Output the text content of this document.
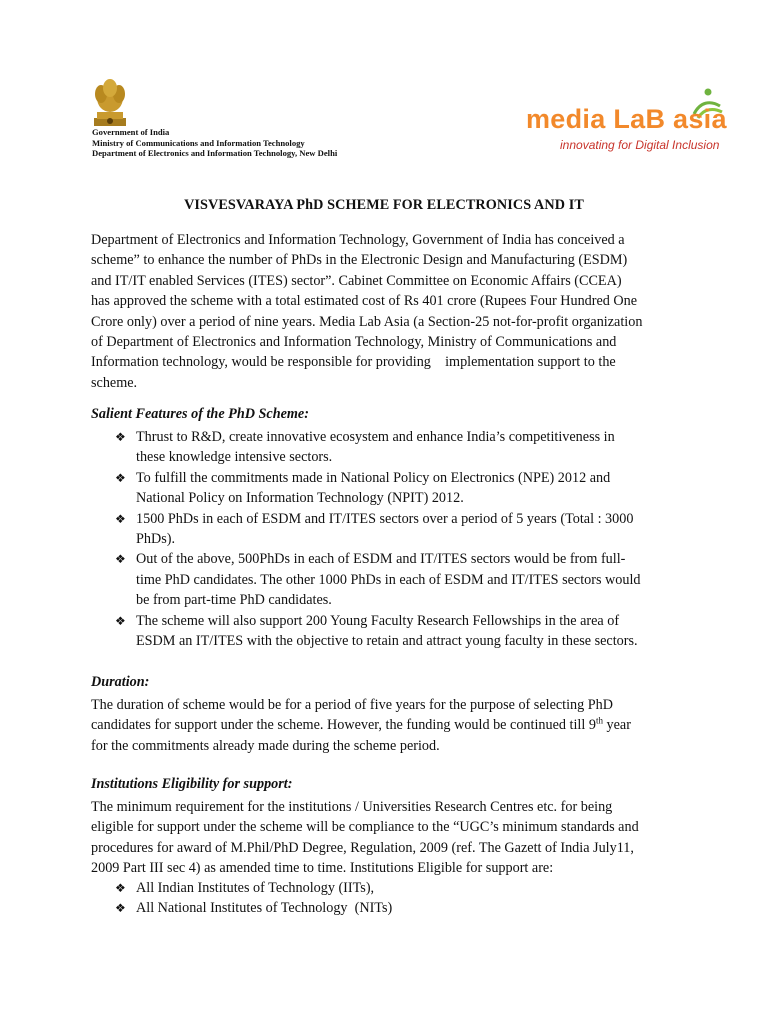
Government of India
Ministry of Communications and Information Technology
Department of Electronics and Information Technology, New Delhi
media LaB asia
innovating for Digital Inclusion
VISVESVARAYA PhD SCHEME FOR ELECTRONICS AND IT
Department of Electronics and Information Technology, Government of India has conceived a
scheme” to enhance the number of PhDs in the Electronic Design and Manufacturing (ESDM)
and IT/IT enabled Services (ITES) sector”. Cabinet Committee on Economic Affairs (CCEA)
has approved the scheme with a total estimated cost of Rs 401 crore (Rupees Four Hundred One
Crore only) over a period of nine years. Media Lab Asia (a Section-25 not-for-profit organization
of Department of Electronics and Information Technology, Ministry of Communications and
Information technology, would be responsible for providing    implementation support to the
scheme.
Salient Features of the PhD Scheme:
❖ Thrust to R&D, create innovative ecosystem and enhance India’s competitiveness in
these knowledge intensive sectors.
❖ To fulfill the commitments made in National Policy on Electronics (NPE) 2012 and
National Policy on Information Technology (NPIT) 2012.
❖ 1500 PhDs in each of ESDM and IT/ITES sectors over a period of 5 years (Total : 3000
PhDs).
❖ Out of the above, 500PhDs in each of ESDM and IT/ITES sectors would be from full-
time PhD candidates. The other 1000 PhDs in each of ESDM and IT/ITES sectors would
be from part-time PhD candidates.
❖ The scheme will also support 200 Young Faculty Research Fellowships in the area of
ESDM an IT/ITES with the objective to retain and attract young faculty in these sectors.
Duration:
The duration of scheme would be for a period of five years for the purpose of selecting PhD
candidates for support under the scheme. However, the funding would be continued till 9th year
for the commitments already made during the scheme period.
Institutions Eligibility for support:
The minimum requirement for the institutions / Universities Research Centres etc. for being
eligible for support under the scheme will be compliance to the “UGC’s minimum standards and
procedures for award of M.Phil/PhD Degree, Regulation, 2009 (ref. The Gazett of India July11,
2009 Part III sec 4) as amended time to time. Institutions Eligible for support are:
❖ All Indian Institutes of Technology (IITs),
❖ All National Institutes of Technology  (NITs)
